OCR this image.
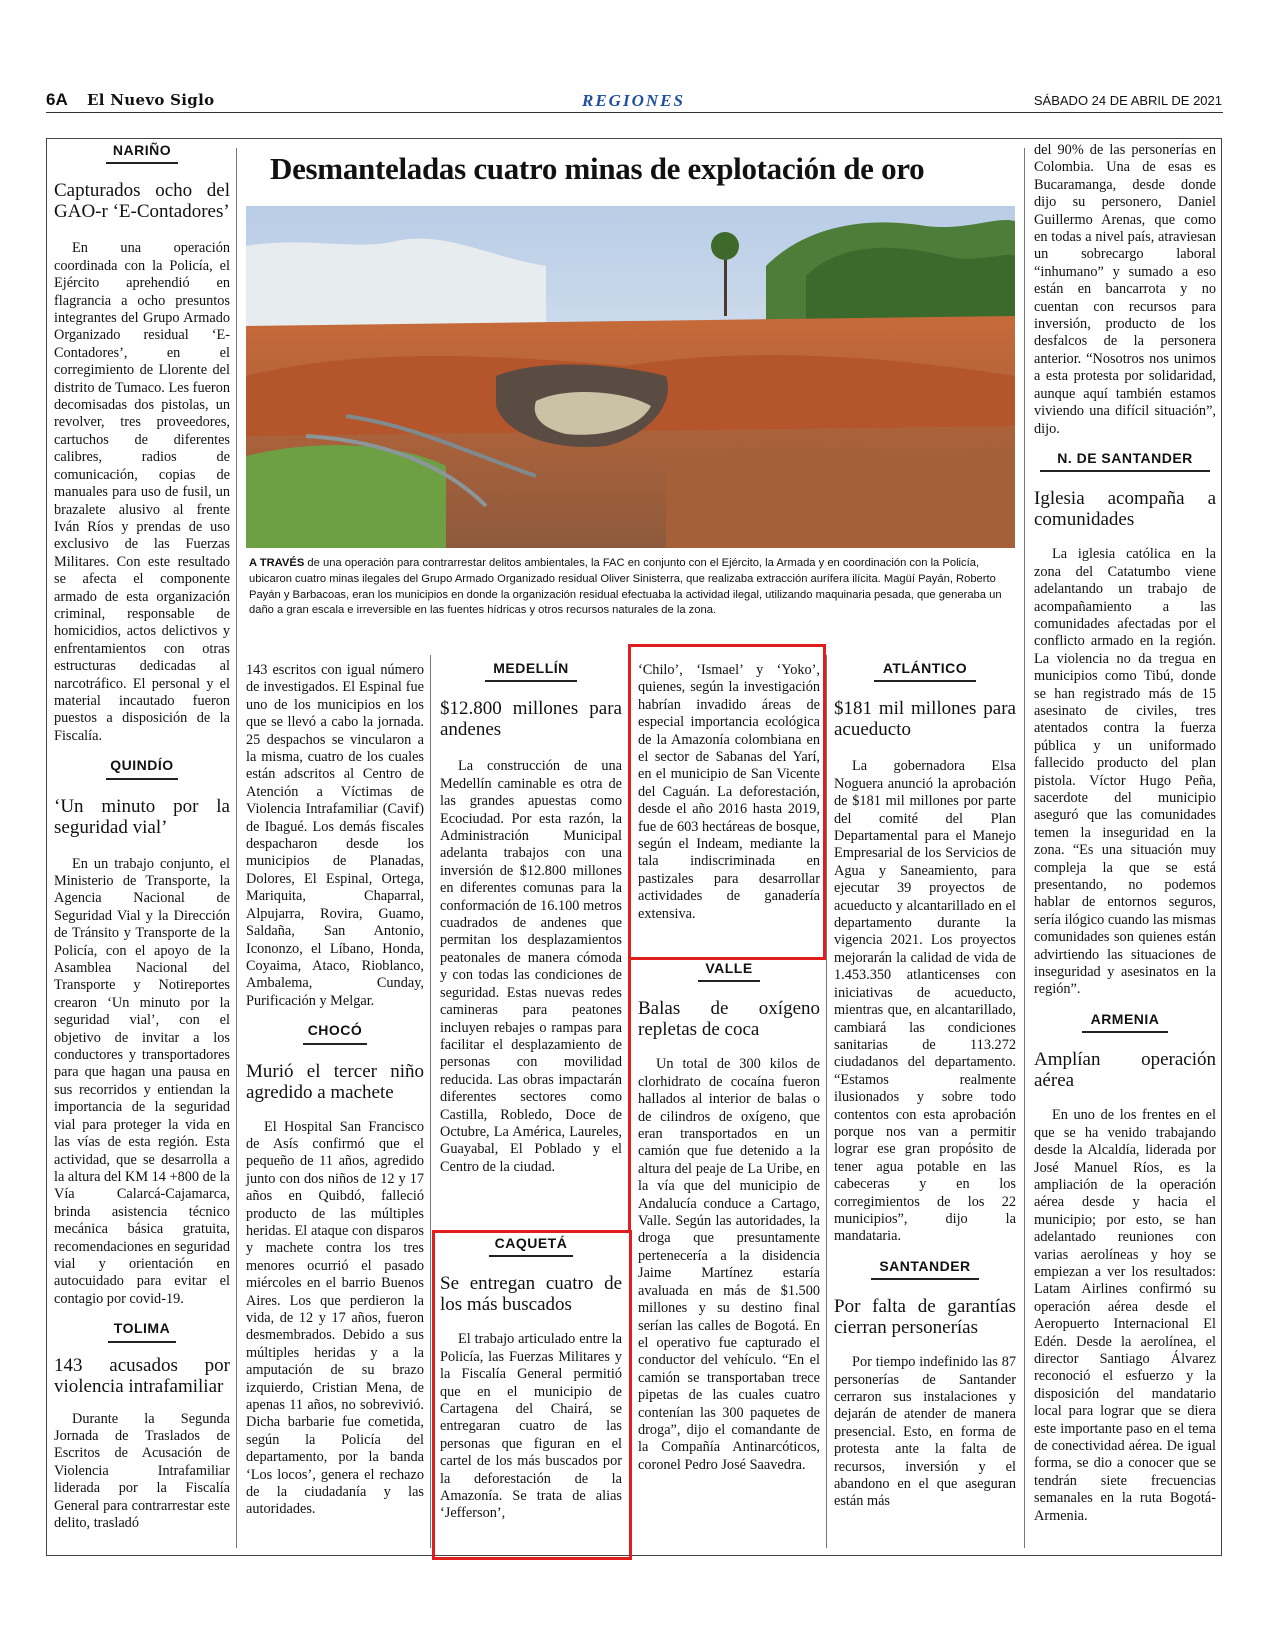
6A El Nuevo Siglo	REGIONES	SÁBADO 24 DE ABRIL DE 2021
Desmanteladas cuatro minas de explotación de oro
A TRAVÉS de una operación para contrarrestar delitos ambientales, la FAC en conjunto con el Ejército, la Armada y en coordinación con la Policía, ubicaron cuatro minas ilegales del Grupo Armado Organizado residual Oliver Sinisterra, que realizaba extracción aurífera ilícita. Magüí Payán, Roberto Payán y Barbacoas, eran los municipios en donde la organización residual efectuaba la actividad ilegal, utilizando maquinaria pesada, que generaba un daño a gran escala e irreversible en las fuentes hídricas y otros recursos naturales de la zona.
NARIÑO
Capturados ocho del GAO-r ‘E-Contadores’

En una operación coordinada con la Policía, el Ejército aprehendió en flagrancia a ocho presuntos integrantes del Grupo Armado Organizado residual ‘E-Contadores’, en el corregimiento de Llorente del distrito de Tumaco. Les fueron decomisadas dos pistolas, un revolver, tres proveedores, cartuchos de diferentes calibres, radios de comunicación, copias de manuales para uso de fusil, un brazalete alusivo al frente Iván Ríos y prendas de uso exclusivo de las Fuerzas Militares. Con este resultado se afecta el componente armado de esta organización criminal, responsable de homicidios, actos delictivos y enfrentamientos con otras estructuras dedicadas al narcotráfico. El personal y el material incautado fueron puestos a disposición de la Fiscalía.

QUINDÍO
‘Un minuto por la seguridad vial’

En un trabajo conjunto, el Ministerio de Transporte, la Agencia Nacional de Seguridad Vial y la Dirección de Tránsito y Transporte de la Policía, con el apoyo de la Asamblea Nacional del Transporte y Notireportes crearon ‘Un minuto por la seguridad vial’, con el objetivo de invitar a los conductores y transportadores para que hagan una pausa en sus recorridos y entiendan la importancia de la seguridad vial para proteger la vida en las vías de esta región. Esta actividad, que se desarrolla a la altura del KM 14 +800 de la Vía Calarcá-Cajamarca, brinda asistencia técnico mecánica básica gratuita, recomendaciones en seguridad vial y orientación en autocuidado para evitar el contagio por covid-19.

TOLIMA
143 acusados por violencia intrafamiliar

Durante la Segunda Jornada de Traslados de Escritos de Acusación de Violencia Intrafamiliar liderada por la Fiscalía General para contrarrestar este delito, trasladó

143 escritos con igual número de investigados. El Espinal fue uno de los municipios en los que se llevó a cabo la jornada. 25 despachos se vincularon a la misma, cuatro de los cuales están adscritos al Centro de Atención a Víctimas de Violencia Intrafamiliar (Cavif) de Ibagué. Los demás fiscales despacharon desde los municipios de Planadas, Dolores, El Espinal, Ortega, Mariquita, Chaparral, Alpujarra, Rovira, Guamo, Saldaña, San Antonio, Icononzo, el Líbano, Honda, Coyaima, Ataco, Rioblanco, Ambalema, Cunday, Purificación y Melgar.

CHOCÓ
Murió el tercer niño agredido a machete

El Hospital San Francisco de Asís confirmó que el pequeño de 11 años, agredido junto con dos niños de 12 y 17 años en Quibdó, falleció producto de las múltiples heridas. El ataque con disparos y machete contra los tres menores ocurrió el pasado miércoles en el barrio Buenos Aires. Los que perdieron la vida, de 12 y 17 años, fueron desmembrados. Debido a sus múltiples heridas y a la amputación de su brazo izquierdo, Cristian Mena, de apenas 11 años, no sobrevivió. Dicha barbarie fue cometida, según la Policía del departamento, por la banda ‘Los locos’, genera el rechazo de la ciudadanía y las autoridades.

MEDELLÍN
$12.800 millones para andenes

La construcción de una Medellín caminable es otra de las grandes apuestas como Ecociudad. Por esta razón, la Administración Municipal adelanta trabajos con una inversión de $12.800 millones en diferentes comunas para la conformación de 16.100 metros cuadrados de andenes que permitan los desplazamientos peatonales de manera cómoda y con todas las condiciones de seguridad. Estas nuevas redes camineras para peatones incluyen rebajes o rampas para facilitar el desplazamiento de personas con movilidad reducida. Las obras impactarán diferentes sectores como Castilla, Robledo, Doce de Octubre, La América, Laureles, Guayabal, El Poblado y el Centro de la ciudad.

CAQUETÁ
Se entregan cuatro de los más buscados

El trabajo articulado entre la Policía, las Fuerzas Militares y la Fiscalía General permitió que en el municipio de Cartagena del Chairá, se entregaran cuatro de las personas que figuran en el cartel de los más buscados por la deforestación de la Amazonía. Se trata de alias ‘Jefferson’,

‘Chilo’, ‘Ismael’ y ‘Yoko’, quienes, según la investigación habrían invadido áreas de especial importancia ecológica de la Amazonía colombiana en el sector de Sabanas del Yarí, en el municipio de San Vicente del Caguán. La deforestación, desde el año 2016 hasta 2019, fue de 603 hectáreas de bosque, según el Indeam, mediante la tala indiscriminada en pastizales para desarrollar actividades de ganadería extensiva.

VALLE
Balas de oxígeno repletas de coca

Un total de 300 kilos de clorhidrato de cocaína fueron hallados al interior de balas o de cilindros de oxígeno, que eran transportados en un camión que fue detenido a la altura del peaje de La Uribe, en la vía que del municipio de Andalucía conduce a Cartago, Valle. Según las autoridades, la droga que presuntamente pertenecería a la disidencia Jaime Martínez estaría avaluada en más de $1.500 millones y su destino final serían las calles de Bogotá. En el operativo fue capturado el conductor del vehículo. “En el camión se transportaban trece pipetas de las cuales cuatro contenían las 300 paquetes de droga”, dijo el comandante de la Compañía Antinarcóticos, coronel Pedro José Saavedra.

ATLÁNTICO
$181 mil millones para acueducto

La gobernadora Elsa Noguera anunció la aprobación de $181 mil millones por parte del comité del Plan Departamental para el Manejo Empresarial de los Servicios de Agua y Saneamiento, para ejecutar 39 proyectos de acueducto y alcantarillado en el departamento durante la vigencia 2021. Los proyectos mejorarán la calidad de vida de 1.453.350 atlanticenses con iniciativas de acueducto, mientras que, en alcantarillado, cambiará las condiciones sanitarias de 113.272 ciudadanos del departamento. “Estamos realmente ilusionados y sobre todo contentos con esta aprobación porque nos van a permitir lograr ese gran propósito de tener agua potable en las cabeceras y en los corregimientos de los 22 municipios”, dijo la mandataria.

SANTANDER
Por falta de garantías cierran personerías

Por tiempo indefinido las 87 personerías de Santander cerraron sus instalaciones y dejarán de atender de manera presencial. Esto, en forma de protesta ante la falta de recursos, inversión y el abandono en el que aseguran están más

del 90% de las personerías en Colombia. Una de esas es Bucaramanga, desde donde dijo su personero, Daniel Guillermo Arenas, que como en todas a nivel país, atraviesan un sobrecargo laboral “inhumano” y sumado a eso están en bancarrota y no cuentan con recursos para inversión, producto de los desfalcos de la personera anterior. “Nosotros nos unimos a esta protesta por solidaridad, aunque aquí también estamos viviendo una difícil situación”, dijo.

N. DE SANTANDER
Iglesia acompaña a comunidades

La iglesia católica en la zona del Catatumbo viene adelantando un trabajo de acompañamiento a las comunidades afectadas por el conflicto armado en la región. La violencia no da tregua en municipios como Tibú, donde se han registrado más de 15 asesinato de civiles, tres atentados contra la fuerza pública y un uniformado fallecido producto del plan pistola. Víctor Hugo Peña, sacerdote del municipio aseguró que las comunidades temen la inseguridad en la zona. “Es una situación muy compleja la que se está presentando, no podemos hablar de entornos seguros, sería ilógico cuando las mismas comunidades son quienes están advirtiendo las situaciones de inseguridad y asesinatos en la región”.

ARMENIA
Amplían operación aérea

En uno de los frentes en el que se ha venido trabajando desde la Alcaldía, liderada por José Manuel Ríos, es la ampliación de la operación aérea desde y hacia el municipio; por esto, se han adelantado reuniones con varias aerolíneas y hoy se empiezan a ver los resultados: Latam Airlines confirmó su operación aérea desde el Aeropuerto Internacional El Edén. Desde la aerolínea, el director Santiago Álvarez reconoció el esfuerzo y la disposición del mandatario local para lograr que se diera este importante paso en el tema de conectividad aérea. De igual forma, se dio a conocer que se tendrán siete frecuencias semanales en la ruta Bogotá-Armenia.
